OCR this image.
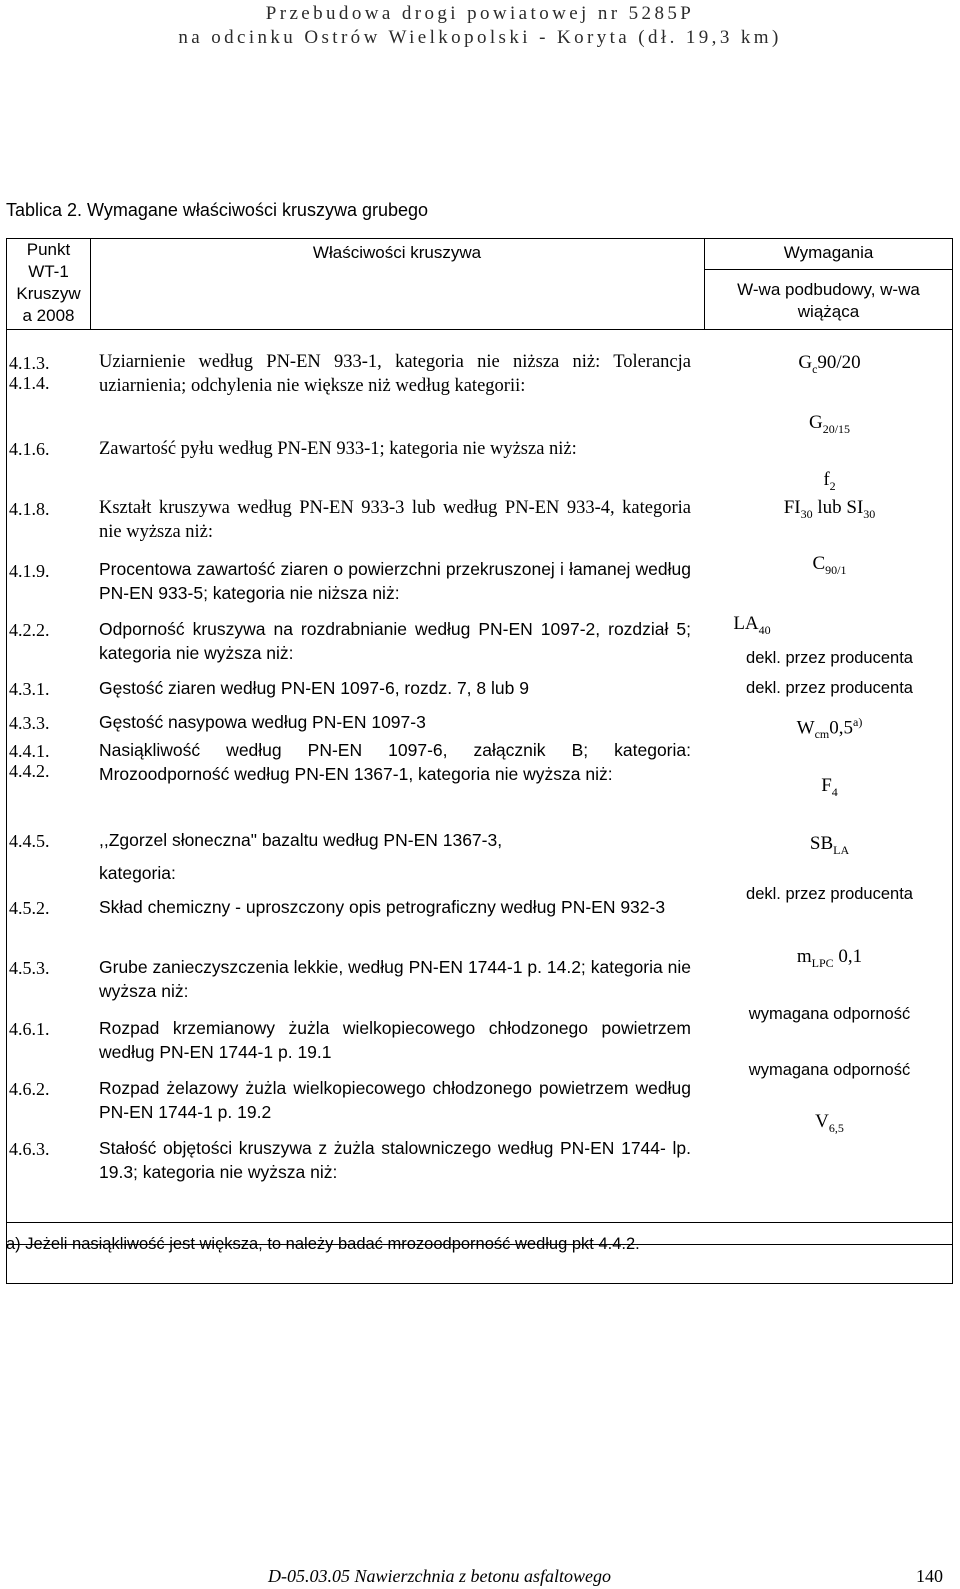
Przebudowa drogi powiatowej nr 5285P
na odcinku Ostrów Wielkopolski - Koryta (dł. 19,3 km)
Tablica 2. Wymagane właściwości kruszywa grubego
Punkt
WT-1
Kruszyw
a 2008
Właściwości kruszywa	Wymagania
W-wa podbudowy, w-wa
wiążąca
4.1.3.
4.1.4.
4.1.6.
4.1.8.
4.1.9.
4.2.2.
4.3.1.
4.3.3.
4.4.1.
4.4.2.
4.4.5.
4.5.2.
4.5.3.
4.6.1.
4.6.2.
4.6.3.
Uziarnienie według PN-EN 933-1, kategoria nie niższa niż: Tolerancja uziarnienia; odchylenia nie większe niż według kategorii:
Zawartość pyłu według PN-EN 933-1; kategoria nie wyższa niż:
Kształt kruszywa według PN-EN 933-3 lub według PN-EN 933-4, kategoria nie wyższa niż:
Procentowa zawartość ziaren o powierzchni przekruszonej i łamanej według PN-EN 933-5; kategoria nie niższa niż:
Odporność kruszywa na rozdrabnianie według PN-EN 1097-2, rozdział 5; kategoria nie wyższa niż:
Gęstość ziaren według PN-EN 1097-6, rozdz. 7, 8 lub 9
Gęstość nasypowa według PN-EN 1097-3
Nasiąkliwość według PN-EN 1097-6, załącznik B; kategoria: Mrozoodporność według PN-EN 1367-1, kategoria nie wyższa niż:
,,Zgorzel słoneczna" bazaltu według PN-EN 1367-3,
kategoria:
Skład chemiczny - uproszczony opis petrograficzny według PN-EN 932-3
Grube zanieczyszczenia lekkie, według PN-EN 1744-1 p. 14.2; kategoria nie wyższa niż:
Rozpad krzemianowy żużla wielkopiecowego chłodzonego powietrzem według PN-EN 1744-1 p. 19.1
Rozpad żelazowy żużla wielkopiecowego chłodzonego powietrzem według PN-EN 1744-1 p. 19.2
Stałość objętości kruszywa z żużla stalowniczego według PN-EN 1744- lp. 19.3; kategoria nie wyższa niż:
$G_c90/20$
$G_{20/15}$
$f_2$
$FI_{30}$ lub $SI_{30}$
$C_{90/1}$
$LA_{40}$
dekl. przez producenta
dekl. przez producenta
$W_{cm}0,5^{a)}$
$F_4$
$SB_{LA}$
dekl. przez producenta
$m_{LPC}$ 0,1
wymagana odporność
wymagana odporność
$V_{6,5}$
a) Jeżeli nasiąkliwość jest większa, to należy badać mrozoodporność według pkt 4.4.2.
D-05.03.05 Nawierzchnia z betonu asfaltowego	140
